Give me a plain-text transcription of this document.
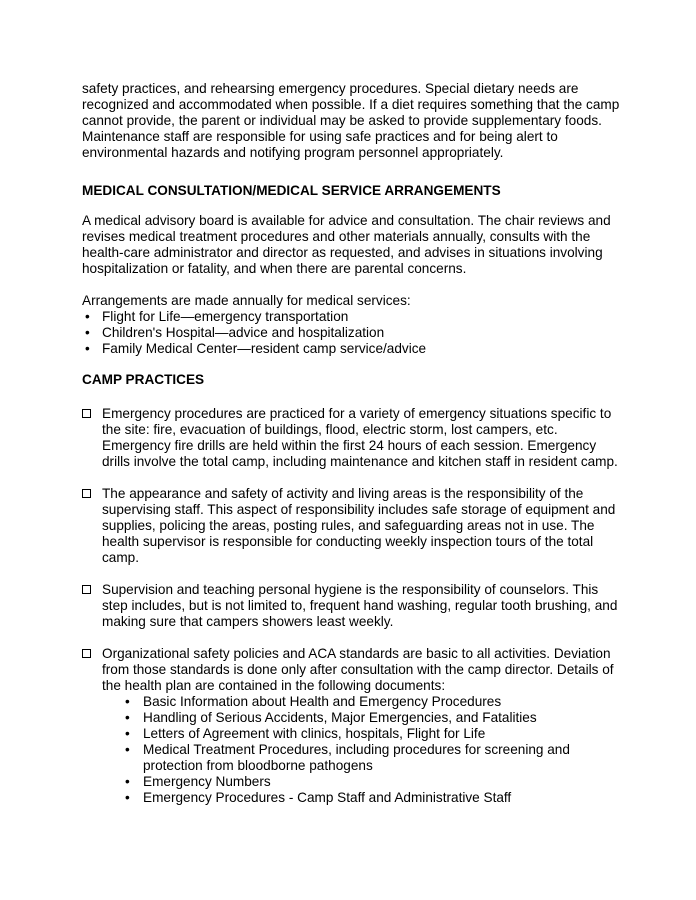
safety practices, and rehearsing emergency procedures. Special dietary needs are recognized and accommodated when possible. If a diet requires something that the camp cannot provide, the parent or individual may be asked to provide supplementary foods. Maintenance staff are responsible for using safe practices and for being alert to environmental hazards and notifying program personnel appropriately.

MEDICAL CONSULTATION/MEDICAL SERVICE ARRANGEMENTS

A medical advisory board is available for advice and consultation. The chair reviews and revises medical treatment procedures and other materials annually, consults with the health-care administrator and director as requested, and advises in situations involving hospitalization or fatality, and when there are parental concerns.

Arrangements are made annually for medical services:

• Flight for Life—emergency transportation
• Children's Hospital—advice and hospitalization
• Family Medical Center—resident camp service/advice
CAMP PRACTICES
Emergency procedures are practiced for a variety of emergency situations specific to the site: fire, evacuation of buildings, flood, electric storm, lost campers, etc. Emergency fire drills are held within the first 24 hours of each session. Emergency drills involve the total camp, including maintenance and kitchen staff in resident camp.
The appearance and safety of activity and living areas is the responsibility of the supervising staff. This aspect of responsibility includes safe storage of equipment and supplies, policing the areas, posting rules, and safeguarding areas not in use. The health supervisor is responsible for conducting weekly inspection tours of the total camp.
Supervision and teaching personal hygiene is the responsibility of counselors. This step includes, but is not limited to, frequent hand washing, regular tooth brushing, and making sure that campers showers least weekly.
Organizational safety policies and ACA standards are basic to all activities. Deviation from those standards is done only after consultation with the camp director. Details of the health plan are contained in the following documents:
• Basic Information about Health and Emergency Procedures
• Handling of Serious Accidents, Major Emergencies, and Fatalities
• Letters of Agreement with clinics, hospitals, Flight for Life
• Medical Treatment Procedures, including procedures for screening and protection from bloodborne pathogens
• Emergency Numbers
• Emergency Procedures - Camp Staff and Administrative Staff
